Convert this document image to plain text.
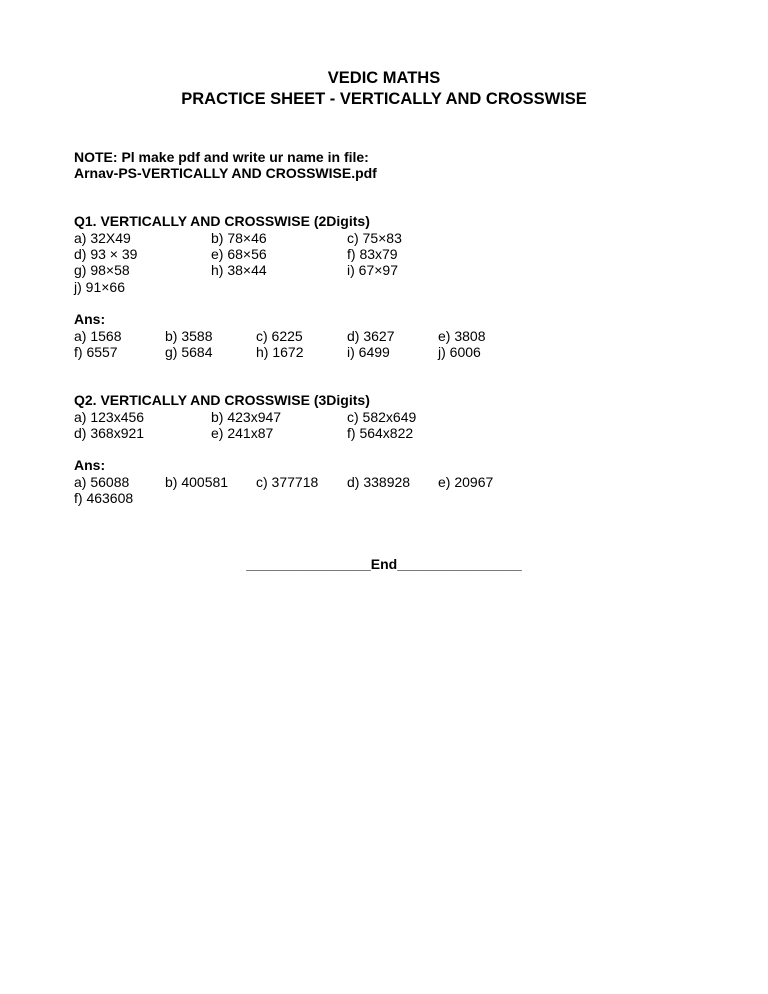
VEDIC MATHS
PRACTICE SHEET - VERTICALLY AND CROSSWISE
NOTE: Pl make pdf and write ur name in file:
Arnav-PS-VERTICALLY AND CROSSWISE.pdf
Q1. VERTICALLY AND CROSSWISE (2Digits)
a) 32X49	b) 78×46	c) 75×83
d) 93 × 39	e) 68×56	f) 83x79
g) 98×58	h) 38×44	i) 67×97
j) 91×66
Ans:
a) 1568	b) 3588	c) 6225	d) 3627	e) 3808
f) 6557	g) 5684	h) 1672	i) 6499	j) 6006
Q2. VERTICALLY AND CROSSWISE (3Digits)
a) 123x456	b) 423x947	c) 582x649
d) 368x921	e) 241x87	f) 564x822
Ans:
a) 56088	b) 400581 c) 377718 d) 338928 e) 20967
f) 463608
________________End________________
